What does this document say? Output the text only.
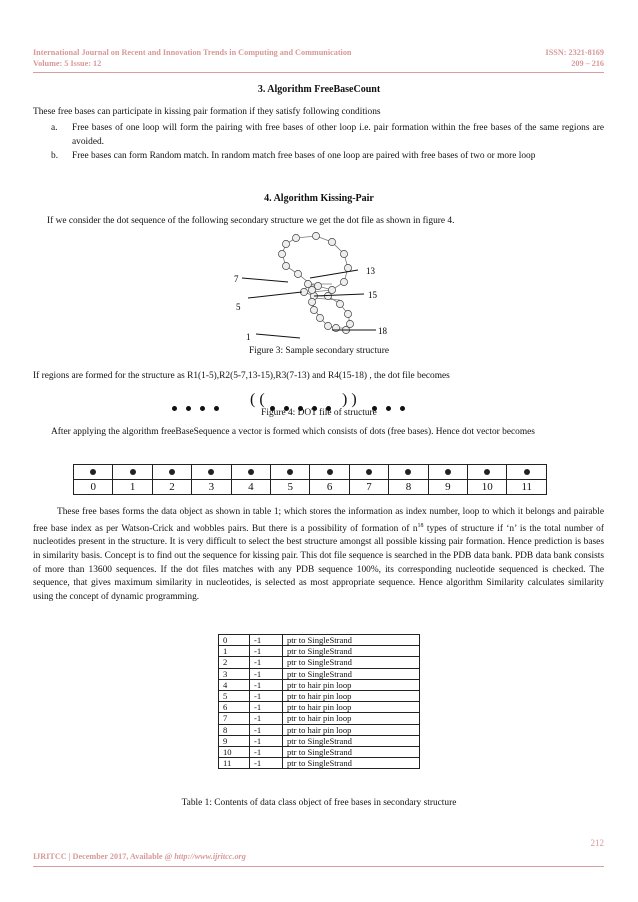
International Journal on Recent and Innovation Trends in Computing and Communication	ISSN: 2321-8169
Volume: 5 Issue: 12	209 – 216
3. Algorithm FreeBaseCount
These free bases can participate in kissing pair formation if they satisfy following conditions
a. Free bases of one loop will form the pairing with free bases of other loop i.e. pair formation within the free bases of the same regions are avoided.
b. Free bases can form Random match. In random match free bases of one loop are paired with free bases of two or more loop
4. Algorithm Kissing-Pair
If we consider the dot sequence of the following secondary structure we get the dot file as shown in figure 4.
7
13
5
15
1
18
Figure 3: Sample secondary structure
If regions are formed for the structure as R1(1-5),R2(5-7,13-15),R3(7-13) and R4(15-18) , the dot file becomes
( (	) )
Figure 4: DOT file of structure
After applying the algorithm freeBaseSequence a vector is formed which consists of dots (free bases). Hence dot vector becomes

0	1	2	3	4	5	6	7	8	9	10	11
These free bases forms the data object as shown in table 1; which stores the information as index number, loop to which it belongs and pairable free base index as per Watson-Crick and wobbles pairs. But there is a possibility of formation of $n^{18}$ types of structure if ‘n’ is the total number of nucleotides present in the structure. It is very difficult to select the best structure amongst all possible kissing pair formation. Hence prediction is bases in similarity basis. Concept is to find out the sequence for kissing pair. This dot file sequence is searched in the PDB data bank. PDB data bank consists of more than 13600 sequences. If the dot files matches with any PDB sequence 100%, its corresponding nucleotide sequenced is checked. The sequence, that gives maximum similarity in nucleotides, is selected as most appropriate sequence. Hence algorithm Similarity calculates similarity using the concept of dynamic programming.
0	-1	ptr to SingleStrand
1	-1	ptr to SingleStrand
2	-1	ptr to SingleStrand
3	-1	ptr to SingleStrand
4	-1	ptr to hair pin loop
5	-1	ptr to hair pin loop
6	-1	ptr to hair pin loop
7	-1	ptr to hair pin loop
8	-1	ptr to hair pin loop
9	-1	ptr to SingleStrand
10	-1	ptr to SingleStrand
11	-1	ptr to SingleStrand
Table 1: Contents of data class object of free bases in secondary structure
212
IJRITCC | December 2017, Available @ http://www.ijritcc.org
